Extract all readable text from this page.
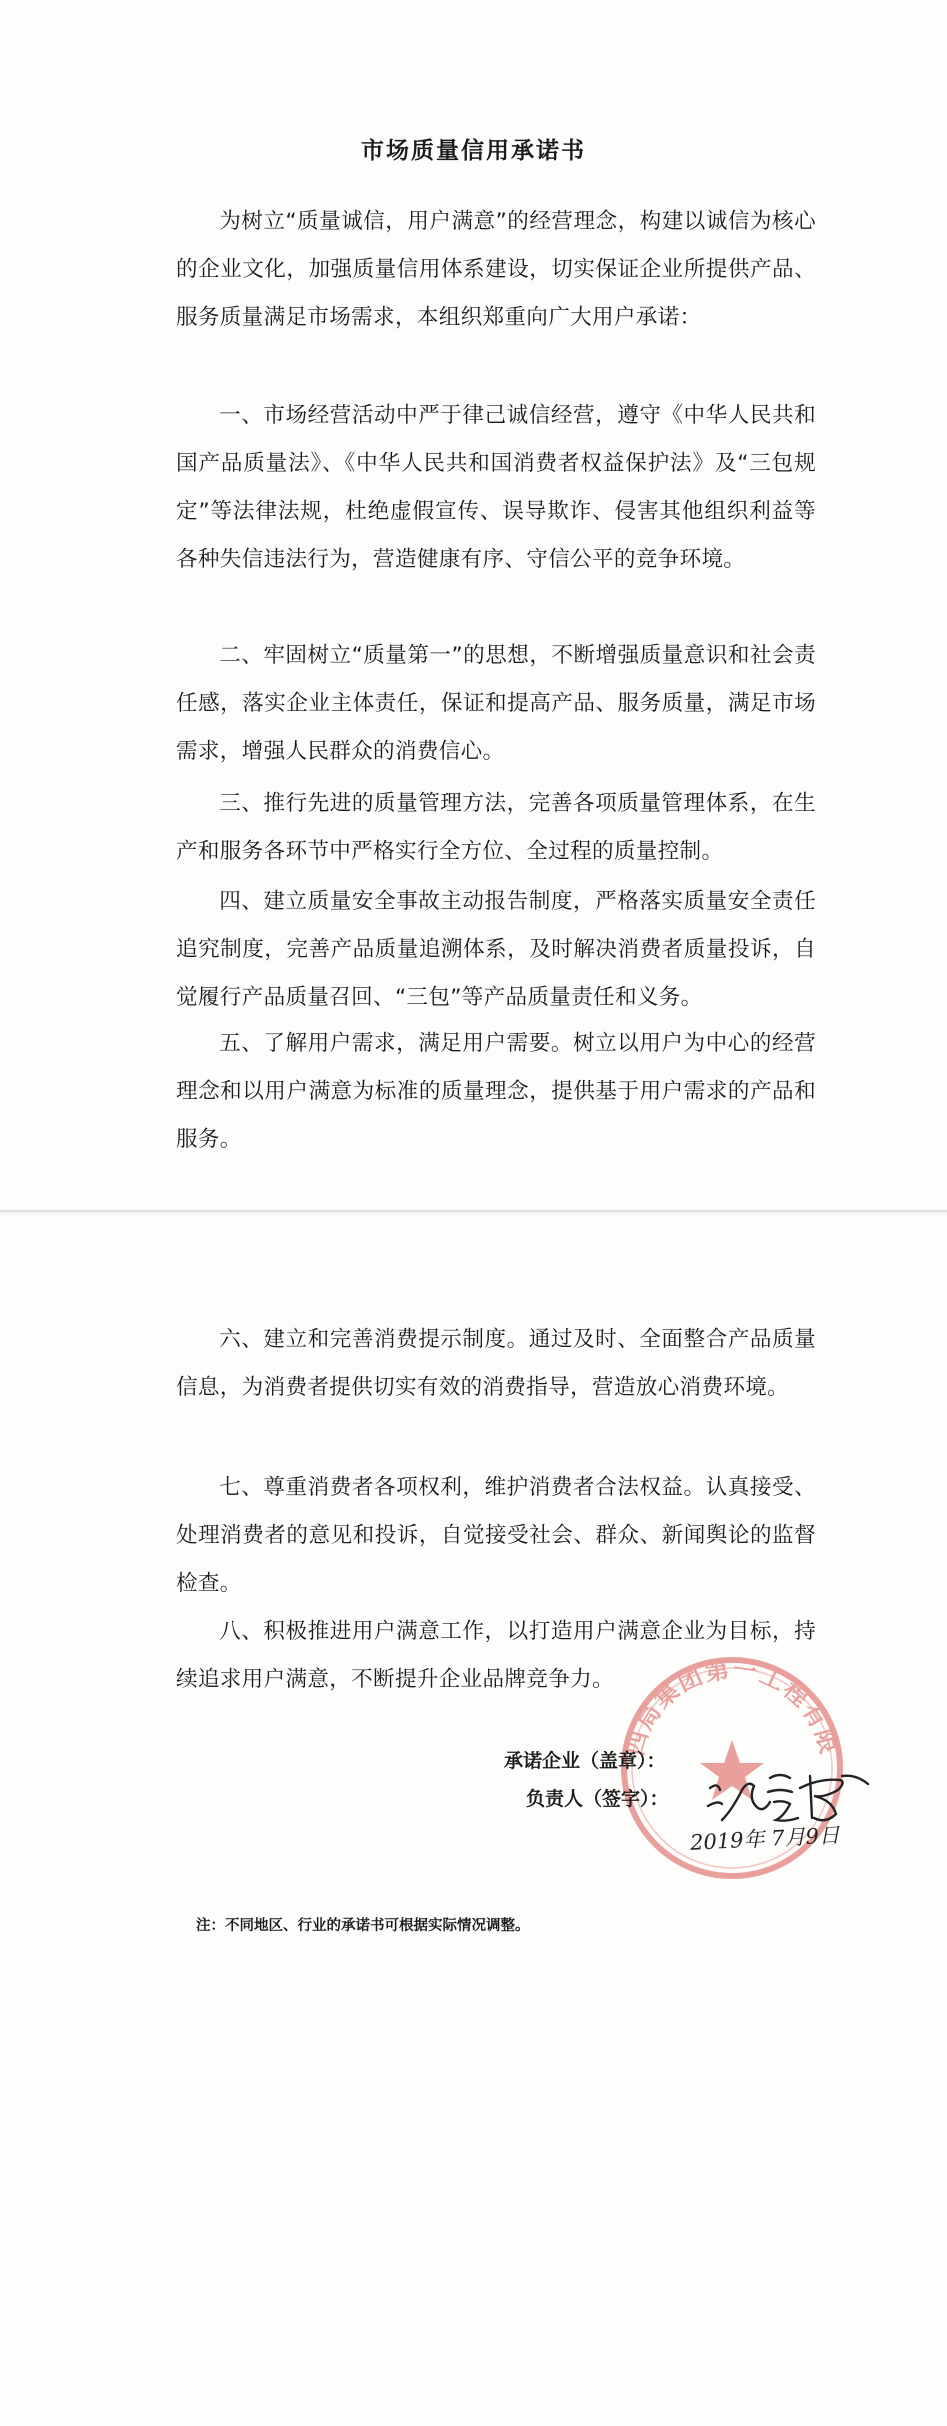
市场质量信用承诺书
为树立“质量诚信，用户满意”的经营理念，构建以诚信为核心的企业文化，加强质量信用体系建设，切实保证企业所提供产品、服务质量满足市场需求，本组织郑重向广大用户承诺：
一、市场经营活动中严于律己诚信经营，遵守《中华人民共和国产品质量法》、《中华人民共和国消费者权益保护法》及“三包规定”等法律法规，杜绝虚假宣传、误导欺诈、侵害其他组织利益等各种失信违法行为，营造健康有序、守信公平的竞争环境。
二、牢固树立“质量第一”的思想，不断增强质量意识和社会责任感，落实企业主体责任，保证和提高产品、服务质量，满足市场需求，增强人民群众的消费信心。
三、推行先进的质量管理方法，完善各项质量管理体系，在生产和服务各环节中严格实行全方位、全过程的质量控制。
四、建立质量安全事故主动报告制度，严格落实质量安全责任追究制度，完善产品质量追溯体系，及时解决消费者质量投诉，自觉履行产品质量召回、“三包”等产品质量责任和义务。
五、了解用户需求，满足用户需要。树立以用户为中心的经营理念和以用户满意为标准的质量理念，提供基于用户需求的产品和服务。
六、建立和完善消费提示制度。通过及时、全面整合产品质量信息，为消费者提供切实有效的消费指导，营造放心消费环境。
七、尊重消费者各项权利，维护消费者合法权益。认真接受、处理消费者的意见和投诉，自觉接受社会、群众、新闻舆论的监督检查。
八、积极推进用户满意工作，以打造用户满意企业为目标，持续追求用户满意，不断提升企业品牌竞争力。
四局集团第一工程有限
承诺企业（盖章）：
负责人（签字）：
2019年 7月9日
注：不同地区、行业的承诺书可根据实际情况调整。
